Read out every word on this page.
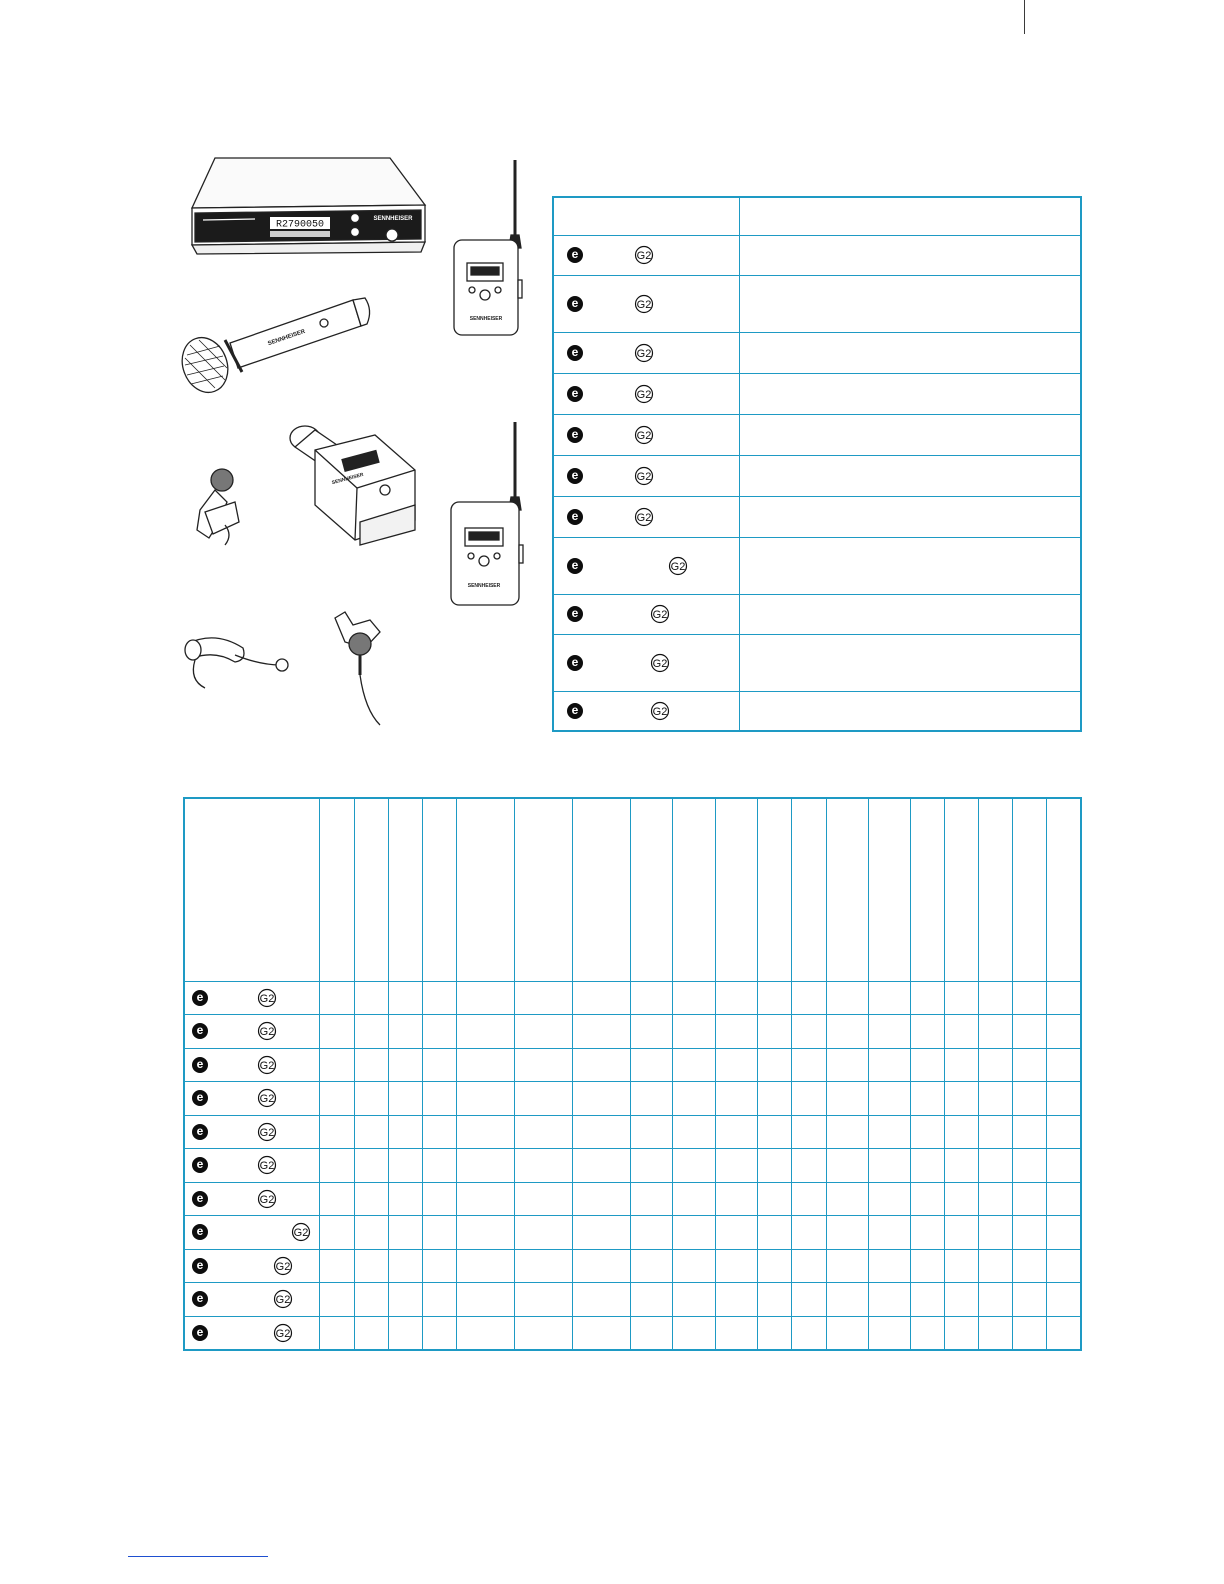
R2790050
SENNHEISER
SENNHEISER
SENNHEISER
SENNHEISER
SENNHEISER

e G2	

e G2	

e G2	

e G2	

e G2	

e G2	

e G2	

e G2	

e G2	

e G2	

e G2	

e G2																			

e G2																			

e G2																			

e G2																			

e G2																			

e G2																			

e G2																			

e G2																			

e G2																			

e G2																			

e G2																			
